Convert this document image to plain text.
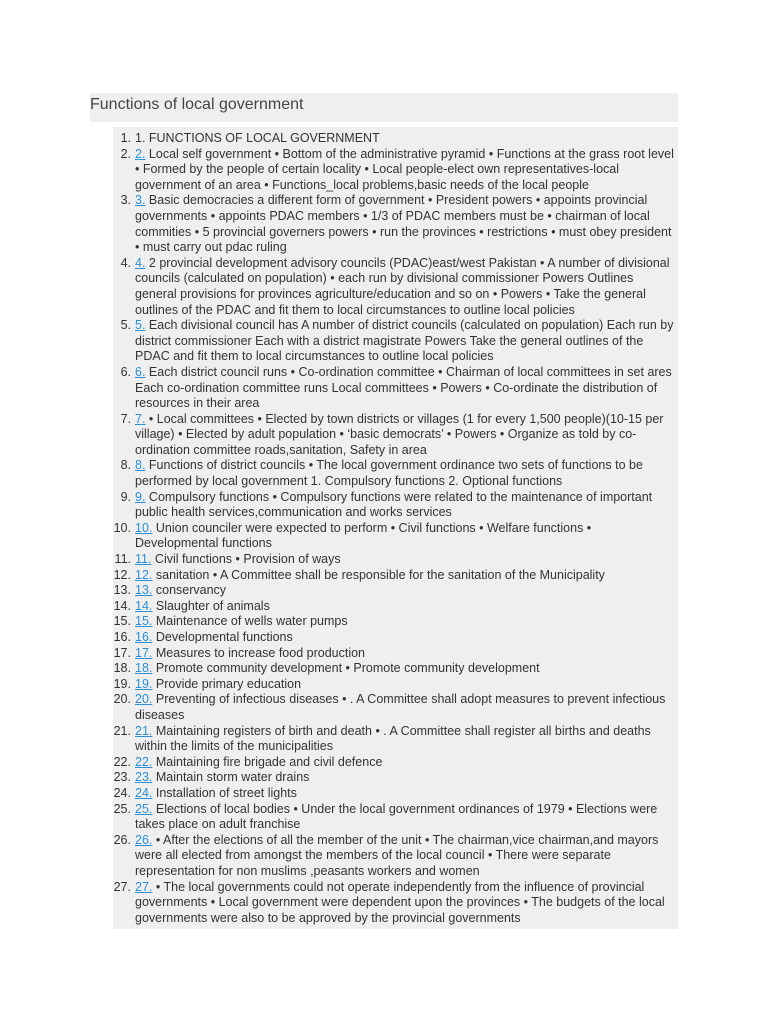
Functions of local government
1. 1. FUNCTIONS OF LOCAL GOVERNMENT
2. 2. Local self government • Bottom of the administrative pyramid • Functions at the grass root level • Formed by the people of certain locality • Local people-elect own representatives-local government of an area • Functions_local problems,basic needs of the local people
3. 3. Basic democracies a different form of government • President powers • appoints provincial governments • appoints PDAC members • 1/3 of PDAC members must be • chairman of local commities • 5 provincial governers powers • run the provinces • restrictions • must obey president • must carry out pdac ruling
4. 4. 2 provincial development advisory councils (PDAC)east/west Pakistan • A number of divisional councils (calculated on population) • each run by divisional commissioner Powers Outlines general provisions for provinces agriculture/education and so on • Powers • Take the general outlines of the PDAC and fit them to local circumstances to outline local policies
5. 5. Each divisional council has A number of district councils (calculated on population) Each run by district commissioner Each with a district magistrate Powers Take the general outlines of the PDAC and fit them to local circumstances to outline local policies
6. 6. Each district council runs • Co-ordination committee • Chairman of local committees in set ares Each co-ordination committee runs Local committees • Powers • Co-ordinate the distribution of resources in their area
7. 7. • Local committees • Elected by town districts or villages (1 for every 1,500 people)(10-15 per village) • Elected by adult population • ‘basic democrats’ • Powers • Organize as told by co-ordination committee roads,sanitation, Safety in area
8. 8. Functions of district councils • The local government ordinance two sets of functions to be performed by local government 1. Compulsory functions 2. Optional functions
9. 9. Compulsory functions • Compulsory functions were related to the maintenance of important public health services,communication and works services
10. 10. Union counciler were expected to perform • Civil functions • Welfare functions • Developmental functions
11. 11. Civil functions • Provision of ways
12. 12. sanitation • A Committee shall be responsible for the sanitation of the Municipality
13. 13. conservancy
14. 14. Slaughter of animals
15. 15. Maintenance of wells water pumps
16. 16. Developmental functions
17. 17. Measures to increase food production
18. 18. Promote community development • Promote community development
19. 19. Provide primary education
20. 20. Preventing of infectious diseases • . A Committee shall adopt measures to prevent infectious diseases
21. 21. Maintaining registers of birth and death • . A Committee shall register all births and deaths within the limits of the municipalities
22. 22. Maintaining fire brigade and civil defence
23. 23. Maintain storm water drains
24. 24. Installation of street lights
25. 25. Elections of local bodies • Under the local government ordinances of 1979 • Elections were takes place on adult franchise
26. 26. • After the elections of all the member of the unit • The chairman,vice chairman,and mayors were all elected from amongst the members of the local council • There were separate representation for non muslims ,peasants workers and women
27. 27. • The local governments could not operate independently from the influence of provincial governments • Local government were dependent upon the provinces • The budgets of the local governments were also to be approved by the provincial governments
